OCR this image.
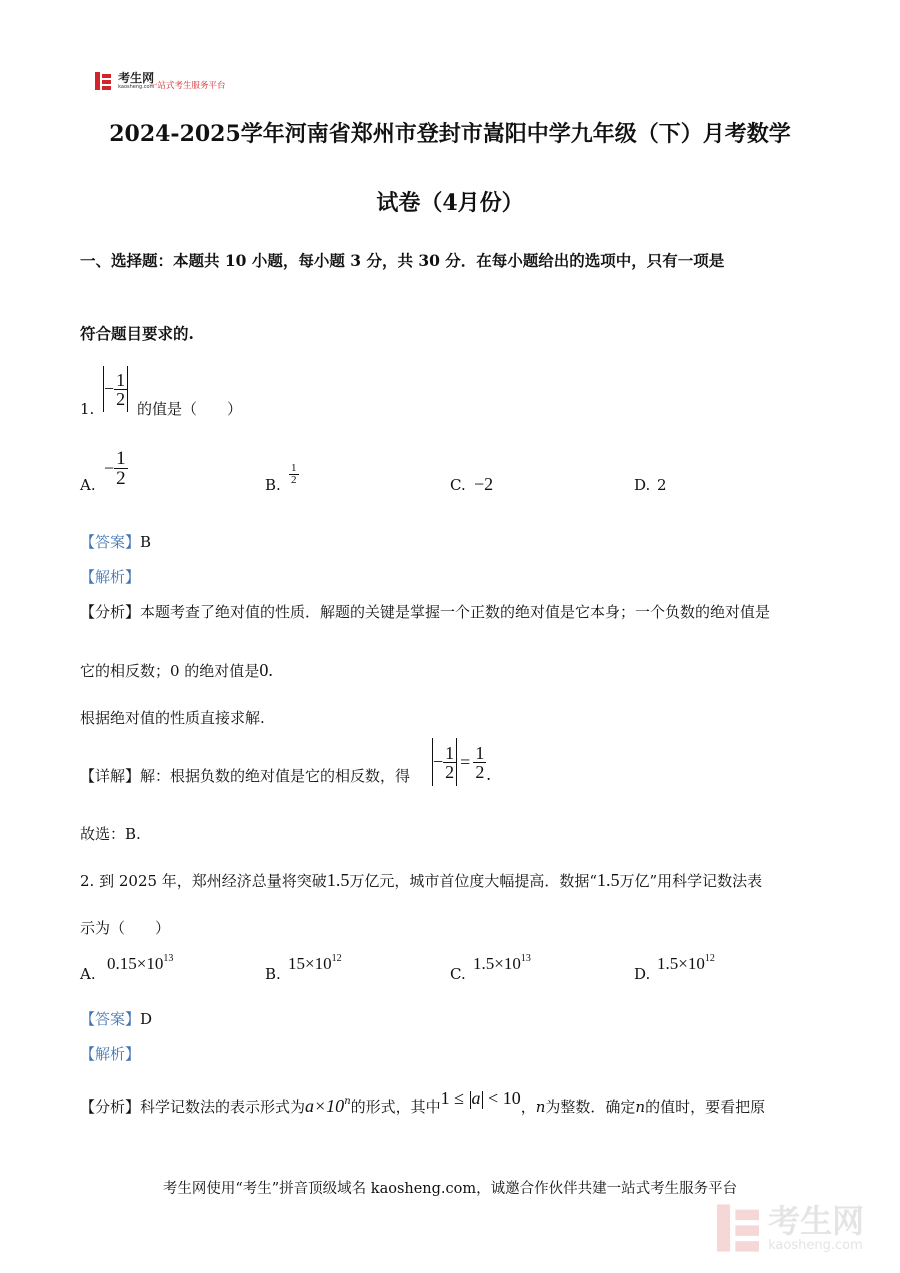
考生网
kaosheng.com
一站式考生服务平台
2024-2025学年河南省郑州市登封市嵩阳中学九年级（下）月考数学
试卷（4月份）
一、选择题：本题共 10 小题，每小题 3 分，共 30 分．在每小题给出的选项中，只有一项是
符合题目要求的.
1.
− $\frac{1}{2}$
的值是（　　）
A.
− $\frac{1}{2}$	B. $\frac{1}{2}$	C. −2	D. 2
【答案】B
【解析】
【分析】本题考查了绝对值的性质．解题的关键是掌握一个正数的绝对值是它本身；一个负数的绝对值是
它的相反数；0 的绝对值是0.
根据绝对值的性质直接求解.
【详解】解：根据负数的绝对值是它的相反数，得
− $\frac{1}{2} = \frac{1}{2}$ .
故选：B.
2. 到 2025 年，郑州经济总量将突破1.5万亿元，城市首位度大幅提高．数据“1.5万亿”用科学记数法表
示为（　　）
A.
$0.15\times 10^{13}$
B.
$15\times 10^{12}$
C.
$1.5\times 10^{13}$
D.
$1.5\times 10^{12}$
【答案】D
【解析】
【分析】科学记数法的表示形式为$a\times 10^n$的形式，其中1 ≤ a < 10，n为整数．确定n的值时，要看把原
考生网使用“考生”拼音顶级域名 kaosheng.com，诚邀合作伙伴共建一站式考生服务平台

考生网
kaosheng.com
